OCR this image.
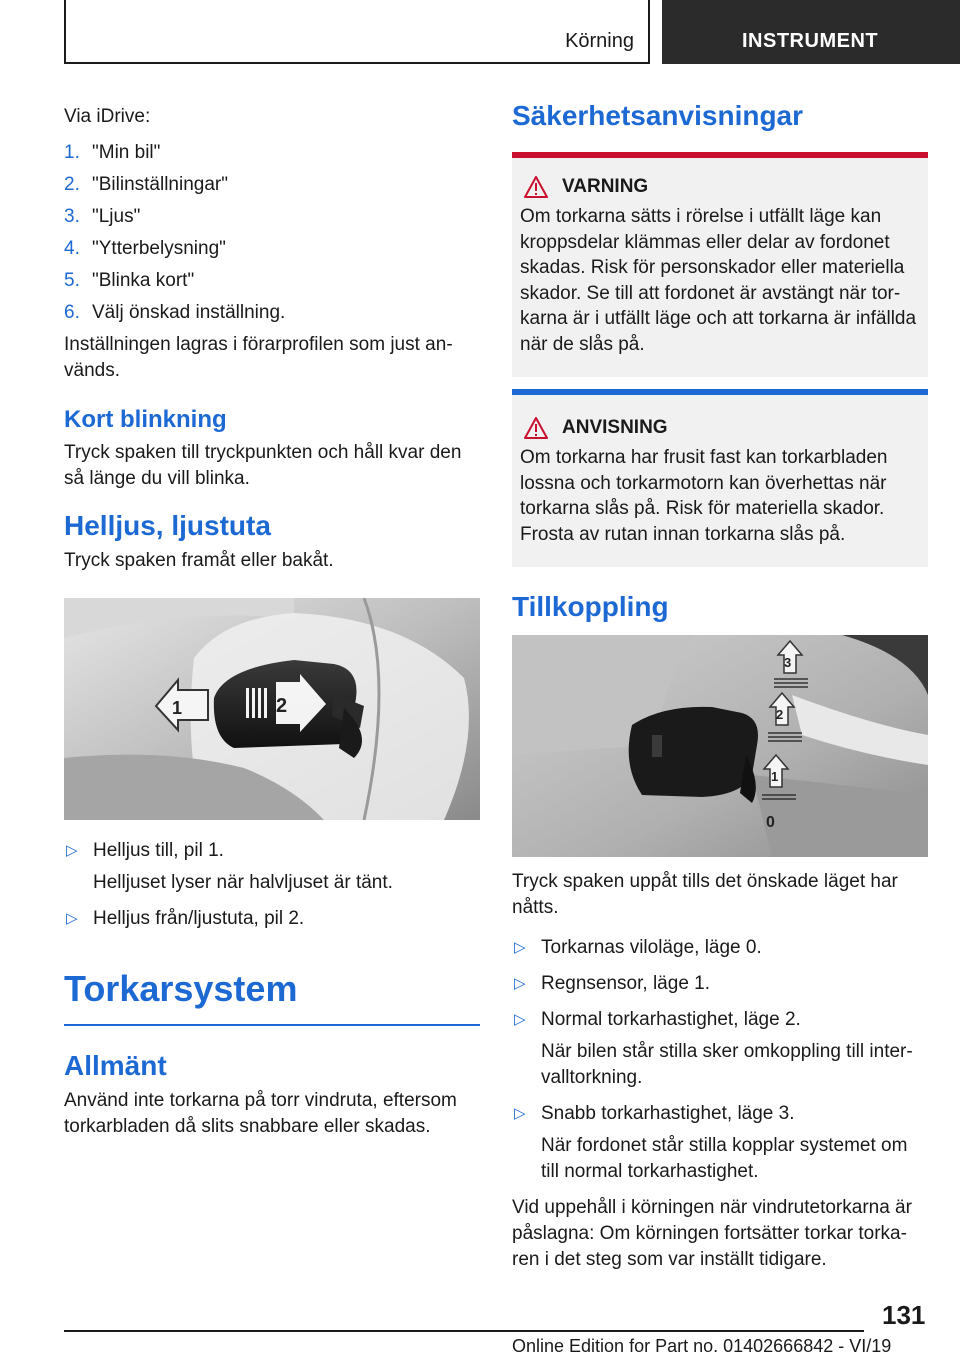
Körning	INSTRUMENT

Via iDrive:

1. "Min bil"
2. "Bilinställningar"
3. "Ljus"
4. "Ytterbelysning"
5. "Blinka kort"
6. Välj önskad inställning.

Inställningen lagras i förarprofilen som just används.

Kort blinkning

Tryck spaken till tryckpunkten och håll kvar den så länge du vill blinka.

Helljus, ljustuta

Tryck spaken framåt eller bakåt.

1	2
▷ Helljus till, pil 1.
Helljuset lyser när halvljuset är tänt.
▷ Helljus från/ljustuta, pil 2.
Torkarsystem
Allmänt

Använd inte torkarna på torr vindruta, eftersom torkarbladen då slits snabbare eller skadas.

Säkerhetsanvisningar
VARNING

Om torkarna sätts i rörelse i utfällt läge kan kroppsdelar klämmas eller delar av fordonet skadas. Risk för personskador eller materiella skador. Se till att fordonet är avstängt när torkarna är i utfällt läge och att torkarna är infällda när de slås på.

ANVISNING

Om torkarna har frusit fast kan torkarbladen lossna och torkarmotorn kan överhettas när torkarna slås på. Risk för materiella skador. Frosta av rutan innan torkarna slås på.

Tillkoppling
3
2
1
0

Tryck spaken uppåt tills det önskade läget har nåtts.

▷ Torkarnas viloläge, läge 0.
▷ Regnsensor, läge 1.
▷ Normal torkarhastighet, läge 2.
När bilen står stilla sker omkoppling till intervalltorkning.
▷ Snabb torkarhastighet, läge 3.
När fordonet står stilla kopplar systemet om till normal torkarhastighet.

Vid uppehåll i körningen när vindrutetorkarna är påslagna: Om körningen fortsätter torkar torkaren i det steg som var inställt tidigare.

131
Online Edition for Part no. 01402666842 - VI/19
